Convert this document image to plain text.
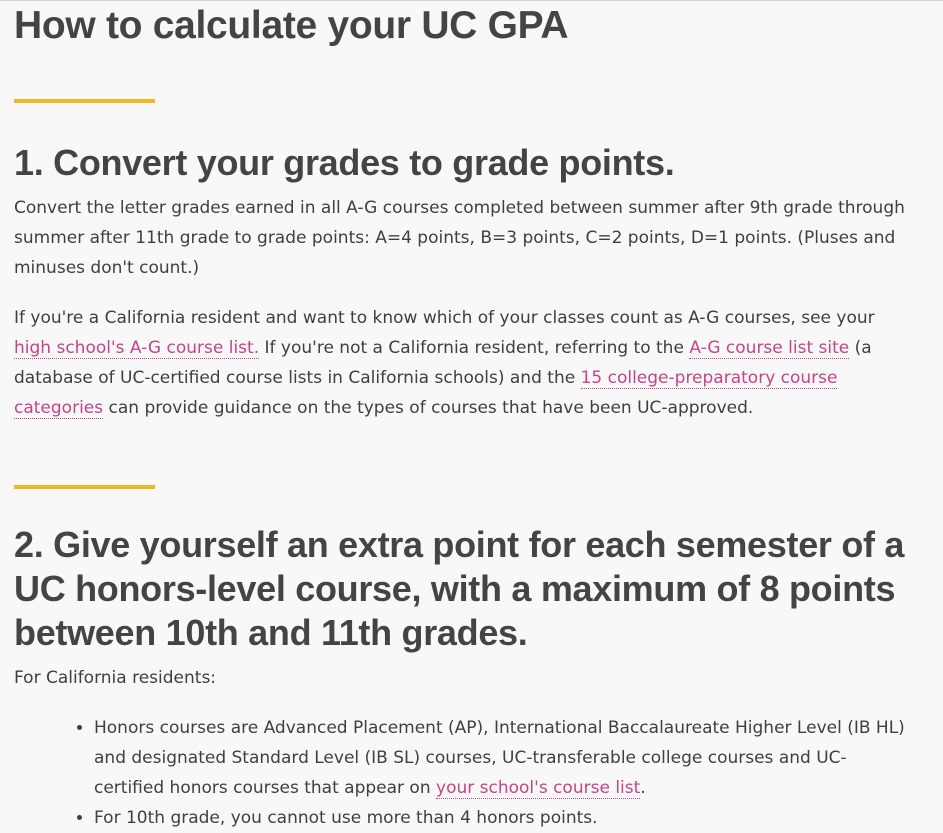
How to calculate your UC GPA
1. Convert your grades to grade points.

Convert the letter grades earned in all A-G courses completed between summer after 9th grade through summer after 11th grade to grade points: A=4 points, B=3 points, C=2 points, D=1 points. (Pluses and minuses don't count.)

If you're a California resident and want to know which of your classes count as A-G courses, see your high school's A-G course list. If you're not a California resident, referring to the A-G course list site (a database of UC-certified course lists in California schools) and the 15 college-preparatory course categories can provide guidance on the types of courses that have been UC-approved.

2. Give yourself an extra point for each semester of a UC honors-level course, with a maximum of 8 points between 10th and 11th grades.

For California residents:

• Honors courses are Advanced Placement (AP), International Baccalaureate Higher Level (IB HL) and designated Standard Level (IB SL) courses, UC-transferable college courses and UC-certified honors courses that appear on your school's course list.
• For 10th grade, you cannot use more than 4 honors points.
